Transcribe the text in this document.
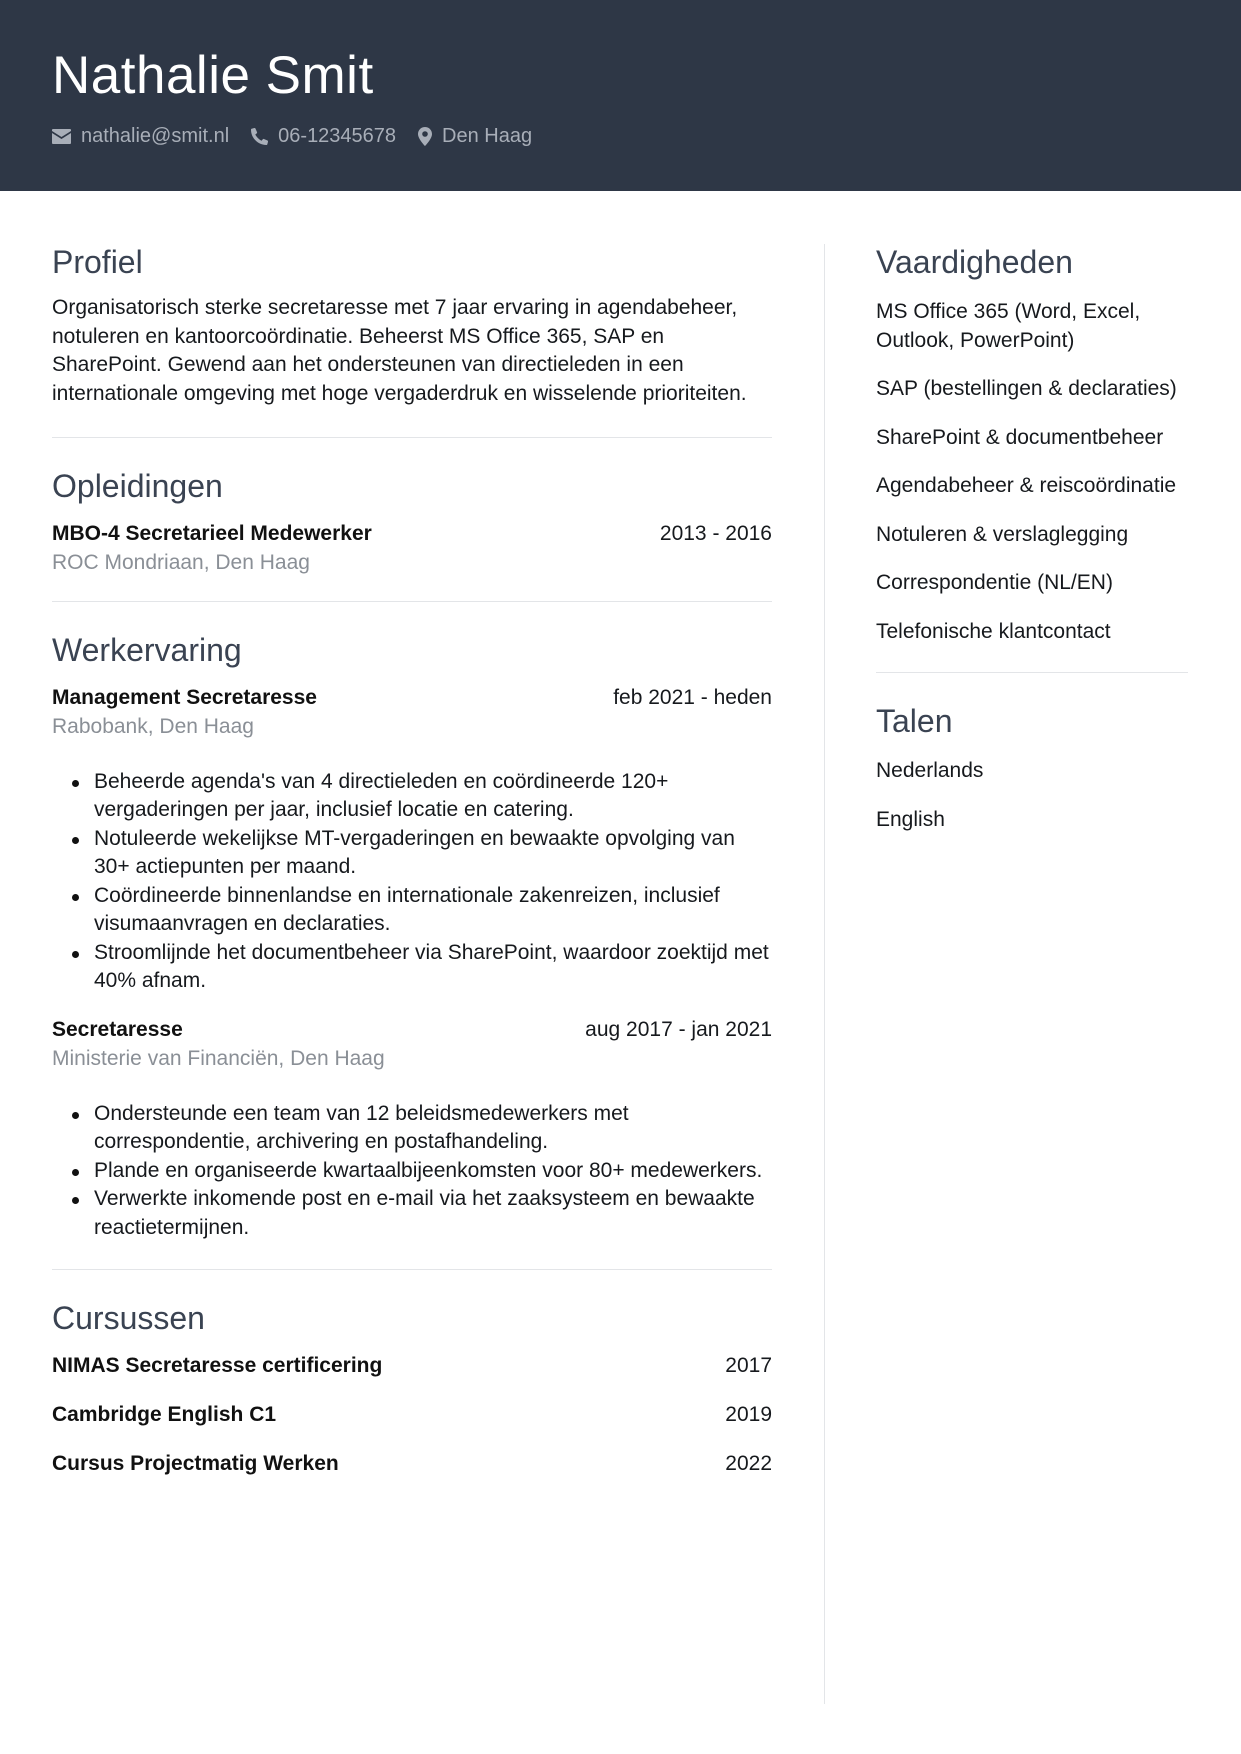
Nathalie Smit
nathalie@smit.nl 06-12345678 Den Haag
Profiel

Organisatorisch sterke secretaresse met 7 jaar ervaring in agendabeheer, notuleren en kantoorcoördinatie. Beheerst MS Office 365, SAP en SharePoint. Gewend aan het ondersteunen van directieleden in een internationale omgeving met hoge vergaderdruk en wisselende prioriteiten.

Opleidingen
MBO-4 Secretarieel Medewerker	2013 - 2016
ROC Mondriaan, Den Haag
Werkervaring
Management Secretaresse	feb 2021 - heden
Rabobank, Den Haag
Beheerde agenda's van 4 directieleden en coördineerde 120+ vergaderingen per jaar, inclusief locatie en catering.
Notuleerde wekelijkse MT-vergaderingen en bewaakte opvolging van 30+ actiepunten per maand.
Coördineerde binnenlandse en internationale zakenreizen, inclusief visumaanvragen en declaraties.
Stroomlijnde het documentbeheer via SharePoint, waardoor zoektijd met 40% afnam.
Secretaresse	aug 2017 - jan 2021
Ministerie van Financiën, Den Haag
Ondersteunde een team van 12 beleidsmedewerkers met correspondentie, archivering en postafhandeling.
Plande en organiseerde kwartaalbijeenkomsten voor 80+ medewerkers.
Verwerkte inkomende post en e-mail via het zaaksysteem en bewaakte reactietermijnen.
Cursussen
NIMAS Secretaresse certificering	2017
Cambridge English C1	2019
Cursus Projectmatig Werken	2022
Vaardigheden
MS Office 365 (Word, Excel, Outlook, PowerPoint)
SAP (bestellingen & declaraties)
SharePoint & documentbeheer
Agendabeheer & reiscoördinatie
Notuleren & verslaglegging
Correspondentie (NL/EN)
Telefonische klantcontact
Talen
Nederlands
English
